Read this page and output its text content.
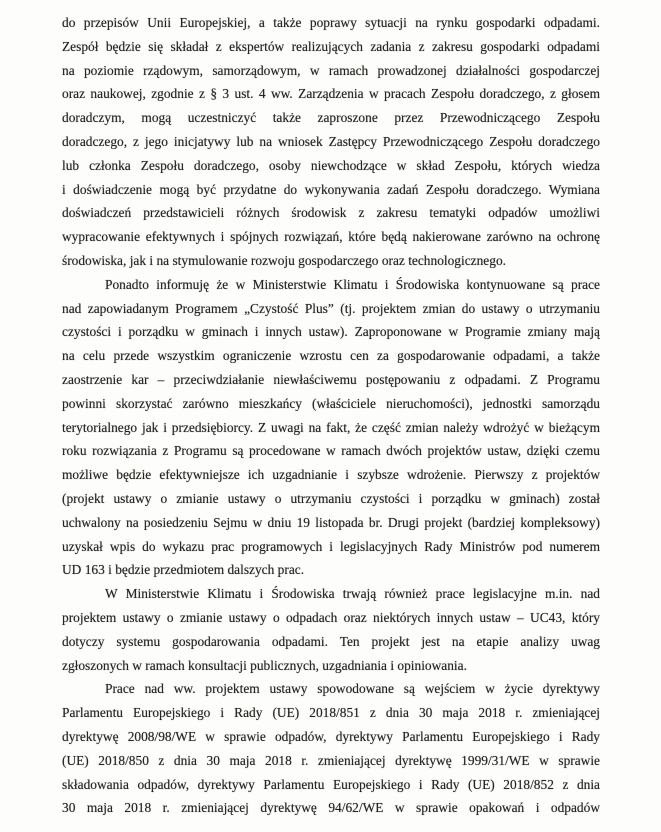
do przepisów Unii Europejskiej, a także poprawy sytuacji na rynku gospodarki odpadami.
Zespół będzie się składał z ekspertów realizujących zadania z zakresu gospodarki odpadami
na poziomie rządowym, samorządowym, w ramach prowadzonej działalności gospodarczej
oraz naukowej, zgodnie z § 3 ust. 4 ww. Zarządzenia w pracach Zespołu doradczego, z głosem
doradczym, mogą uczestniczyć także zaproszone przez Przewodniczącego Zespołu
doradczego, z jego inicjatywy lub na wniosek Zastępcy Przewodniczącego Zespołu doradczego
lub członka Zespołu doradczego, osoby niewchodzące w skład Zespołu, których wiedza
i doświadczenie mogą być przydatne do wykonywania zadań Zespołu doradczego. Wymiana
doświadczeń przedstawicieli różnych środowisk z zakresu tematyki odpadów umożliwi
wypracowanie efektywnych i spójnych rozwiązań, które będą nakierowane zarówno na ochronę
środowiska, jak i na stymulowanie rozwoju gospodarczego oraz technologicznego.
Ponadto informuję że w Ministerstwie Klimatu i Środowiska kontynuowane są prace
nad zapowiadanym Programem „Czystość Plus” (tj. projektem zmian do ustawy o utrzymaniu
czystości i porządku w gminach i innych ustaw). Zaproponowane w Programie zmiany mają
na celu przede wszystkim ograniczenie wzrostu cen za gospodarowanie odpadami, a także
zaostrzenie kar – przeciwdziałanie niewłaściwemu postępowaniu z odpadami. Z Programu
powinni skorzystać zarówno mieszkańcy (właściciele nieruchomości), jednostki samorządu
terytorialnego jak i przedsiębiorcy. Z uwagi na fakt, że część zmian należy wdrożyć w bieżącym
roku rozwiązania z Programu są procedowane w ramach dwóch projektów ustaw, dzięki czemu
możliwe będzie efektywniejsze ich uzgadnianie i szybsze wdrożenie. Pierwszy z projektów
(projekt ustawy o zmianie ustawy o utrzymaniu czystości i porządku w gminach) został
uchwalony na posiedzeniu Sejmu w dniu 19 listopada br. Drugi projekt (bardziej kompleksowy)
uzyskał wpis do wykazu prac programowych i legislacyjnych Rady Ministrów pod numerem
UD 163 i będzie przedmiotem dalszych prac.
W Ministerstwie Klimatu i Środowiska trwają również prace legislacyjne m.in. nad
projektem ustawy o zmianie ustawy o odpadach oraz niektórych innych ustaw – UC43, który
dotyczy systemu gospodarowania odpadami. Ten projekt jest na etapie analizy uwag
zgłoszonych w ramach konsultacji publicznych, uzgadniania i opiniowania.
Prace nad ww. projektem ustawy spowodowane są wejściem w życie dyrektywy
Parlamentu Europejskiego i Rady (UE) 2018/851 z dnia 30 maja 2018 r. zmieniającej
dyrektywę 2008/98/WE w sprawie odpadów, dyrektywy Parlamentu Europejskiego i Rady
(UE) 2018/850 z dnia 30 maja 2018 r. zmieniającej dyrektywę 1999/31/WE w sprawie
składowania odpadów, dyrektywy Parlamentu Europejskiego i Rady (UE) 2018/852 z dnia
30 maja 2018 r. zmieniającej dyrektywę 94/62/WE w sprawie opakowań i odpadów
